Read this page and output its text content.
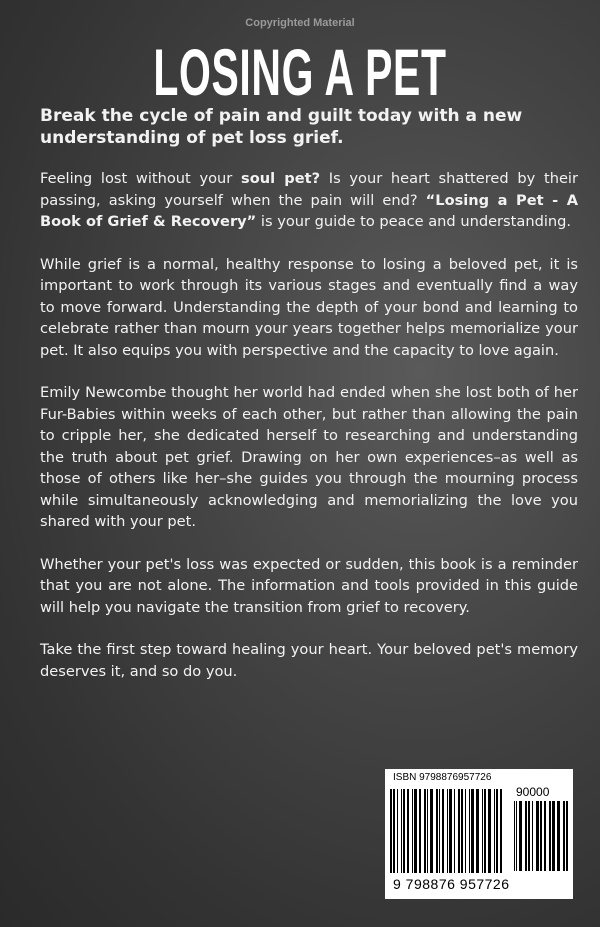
Copyrighted Material
LOSING A PET
Break the cycle of pain and guilt today with a new understanding of pet loss grief.

Feeling lost without your soul pet? Is your heart shattered by their passing, asking yourself when the pain will end? “Losing a Pet - A Book of Grief & Recovery” is your guide to peace and understanding.

While grief is a normal, healthy response to losing a beloved pet, it is important to work through its various stages and eventually find a way to move forward. Understanding the depth of your bond and learning to celebrate rather than mourn your years together helps memorialize your pet. It also equips you with perspective and the capacity to love again.

Emily Newcombe thought her world had ended when she lost both of her Fur-Babies within weeks of each other, but rather than allowing the pain to cripple her, she dedicated herself to researching and understanding the truth about pet grief. Drawing on her own experiences–as well as those of others like her–she guides you through the mourning process while simultaneously acknowledging and memorializing the love you shared with your pet.

Whether your pet's loss was expected or sudden, this book is a reminder that you are not alone. The information and tools provided in this guide will help you navigate the transition from grief to recovery.

Take the first step toward healing your heart. Your beloved pet's memory deserves it, and so do you.

ISBN 9798876957726
9 798876 957726
90000
